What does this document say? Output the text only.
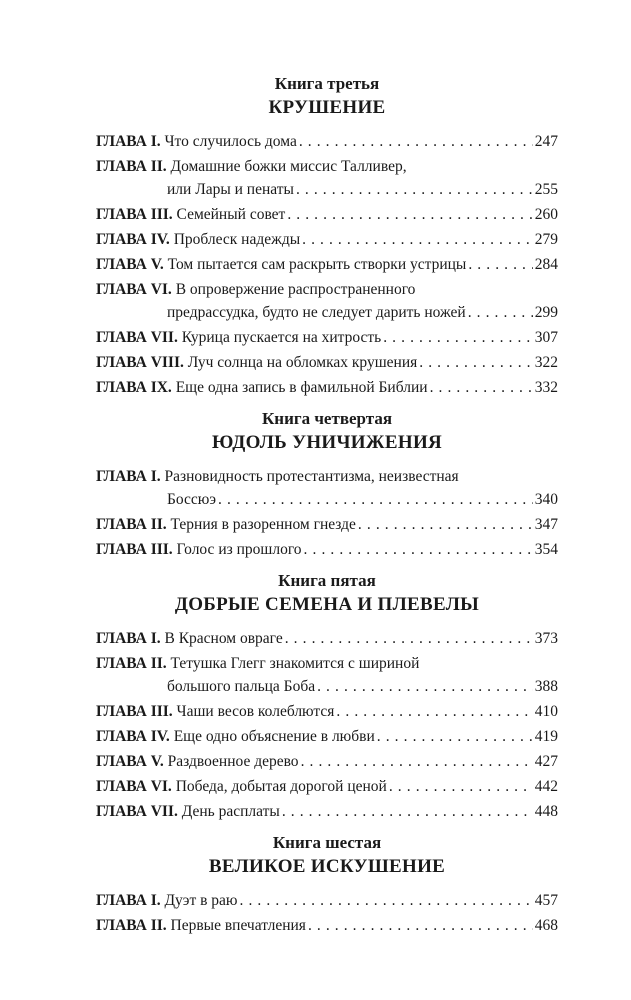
Книга третья
КРУШЕНИЕ
ГЛАВА I.
Что случилось дома . . .	247
ГЛАВА II.
Домашние божки миссис Талливер,
или Лары и пенаты . . .	255
ГЛАВА III.
Семейный совет . . .	260
ГЛАВА IV.
Проблеск надежды . . .	279
ГЛАВА V.
Том пытается сам раскрыть створки устрицы . . .	284
ГЛАВА VI.
В опровержение распространенного
предрассудка, будто не следует дарить ножей . . .	299
ГЛАВА VII.
Курица пускается на хитрость . . .	307
ГЛАВА VIII.
Луч солнца на обломках крушения . . .	322
ГЛАВА IX.
Еще одна запись в фамильной Библии . . .	332
Книга четвертая
ЮДОЛЬ УНИЧИЖЕНИЯ
ГЛАВА I.
Разновидность протестантизма, неизвестная
Боссюэ . . .	340
ГЛАВА II.
Терния в разоренном гнезде . . .	347
ГЛАВА III.
Голос из прошлого . . .	354
Книга пятая
ДОБРЫЕ СЕМЕНА И ПЛЕВЕЛЫ
ГЛАВА I.
В Красном овраге . . .	373
ГЛАВА II.
Тетушка Глегг знакомится с шириной
большого пальца Боба . . .	388
ГЛАВА III.
Чаши весов колеблются . . .	410
ГЛАВА IV.
Еще одно объяснение в любви . . .	419
ГЛАВА V.
Раздвоенное дерево . . .	427
ГЛАВА VI.
Победа, добытая дорогой ценой . . .	442
ГЛАВА VII.
День расплаты . . .	448
Книга шестая
ВЕЛИКОЕ ИСКУШЕНИЕ
ГЛАВА I.
Дуэт в раю . . .	457
ГЛАВА II.
Первые впечатления . . .	468
